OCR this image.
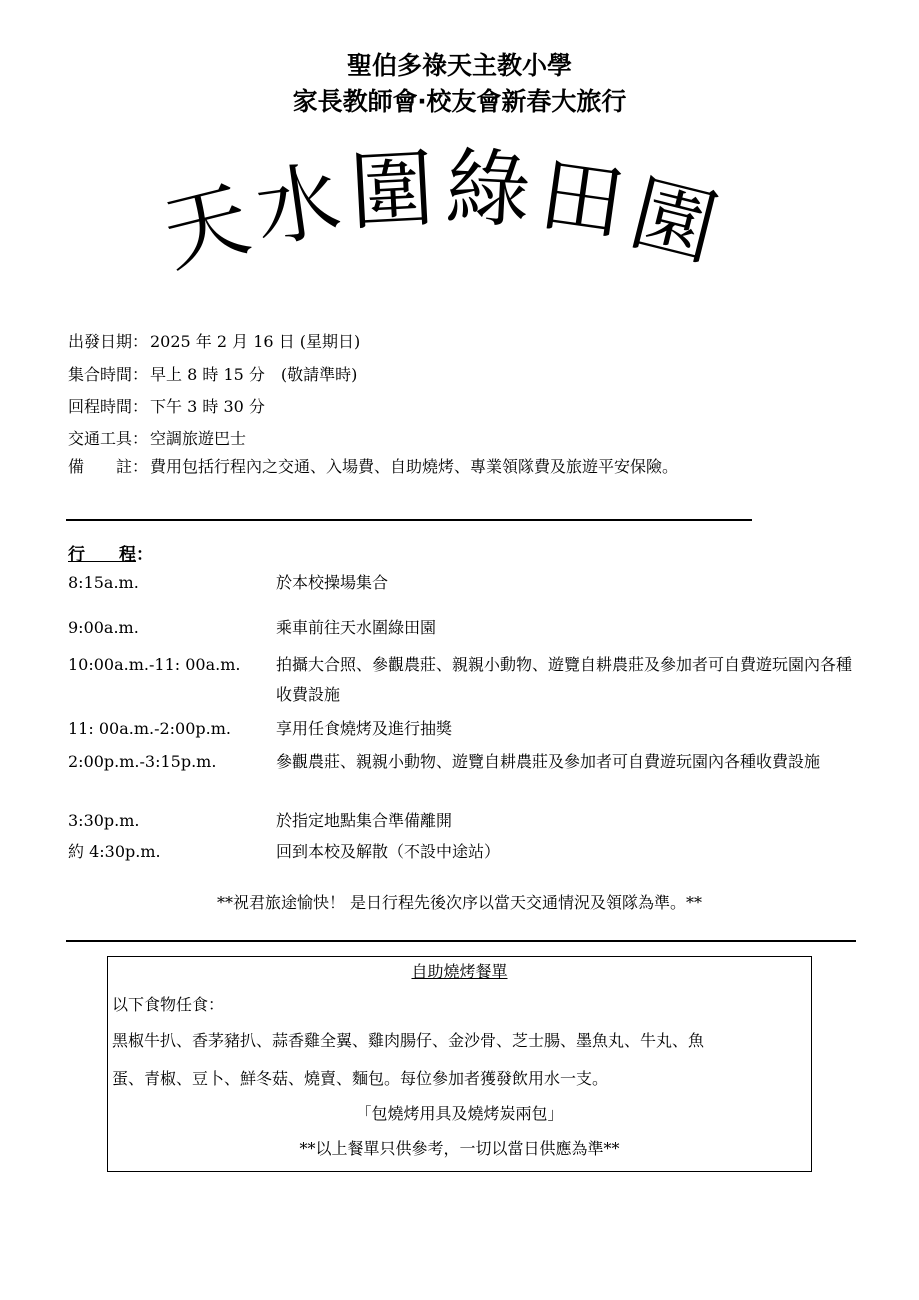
聖伯多祿天主教小學
家長教師會‧校友會新春大旅行
天
水 圍 綠 田
園
出發日期： 2025 年 2 月 16 日 (星期日)
集合時間： 早上 8 時 15 分　(敬請準時)
回程時間： 下午 3 時 30 分
交通工具： 空調旅遊巴士
備　　註： 費用包括行程內之交通、入場費、自助燒烤、專業領隊費及旅遊平安保險。
行　　 程：
8:15a.m.	於本校操場集合
9:00a.m.	乘車前往天水圍綠田園
10:00a.m.-11: 00a.m.	拍攝大合照、參觀農莊、親親小動物、遊覽自耕農莊及參加者可自費遊玩園內各種收費設施
11: 00a.m.-2:00p.m.	享用任食燒烤及進行抽獎
2:00p.m.-3:15p.m.	參觀農莊、親親小動物、遊覽自耕農莊及參加者可自費遊玩園內各種收費設施
3:30p.m.	於指定地點集合準備離開
約 4:30p.m.	回到本校及解散（不設中途站）
**祝君旅途愉快！ 是日行程先後次序以當天交通情況及領隊為準。**
自助燒烤餐單
以下食物任食：
黑椒牛扒、香茅豬扒、蒜香雞全翼、雞肉腸仔、金沙骨、芝士腸、墨魚丸、牛丸、魚
蛋、青椒、豆卜、鮮冬菇、燒賣、麵包。每位參加者獲發飲用水一支。
「包燒烤用具及燒烤炭兩包」
**以上餐單只供參考，一切以當日供應為準**
